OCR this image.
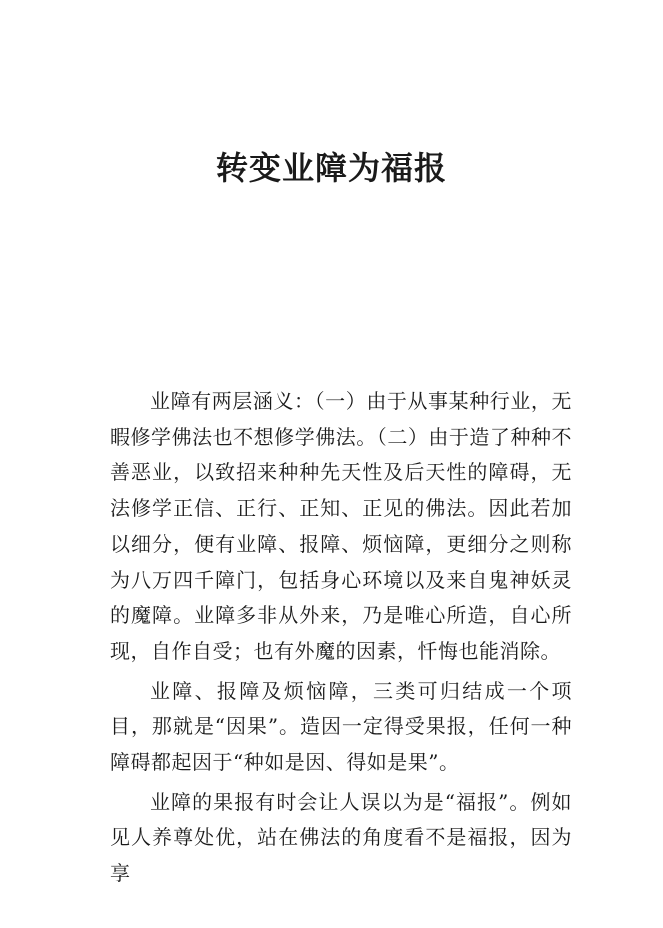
转变业障为福报

业障有两层涵义：（一）由于从事某种行业，无暇修学佛法也不想修学佛法。（二）由于造了种种不善恶业，以致招来种种先天性及后天性的障碍，无法修学正信、正行、正知、正见的佛法。因此若加以细分，便有业障、报障、烦恼障，更细分之则称为八万四千障门，包括身心环境以及来自鬼神妖灵的魔障。业障多非从外来，乃是唯心所造，自心所现，自作自受；也有外魔的因素，忏悔也能消除。

业障、报障及烦恼障，三类可归结成一个项目，那就是“因果”。造因一定得受果报，任何一种障碍都起因于“种如是因、得如是果”。

业障的果报有时会让人误以为是“福报”。例如见人养尊处优，站在佛法的角度看不是福报，因为享
